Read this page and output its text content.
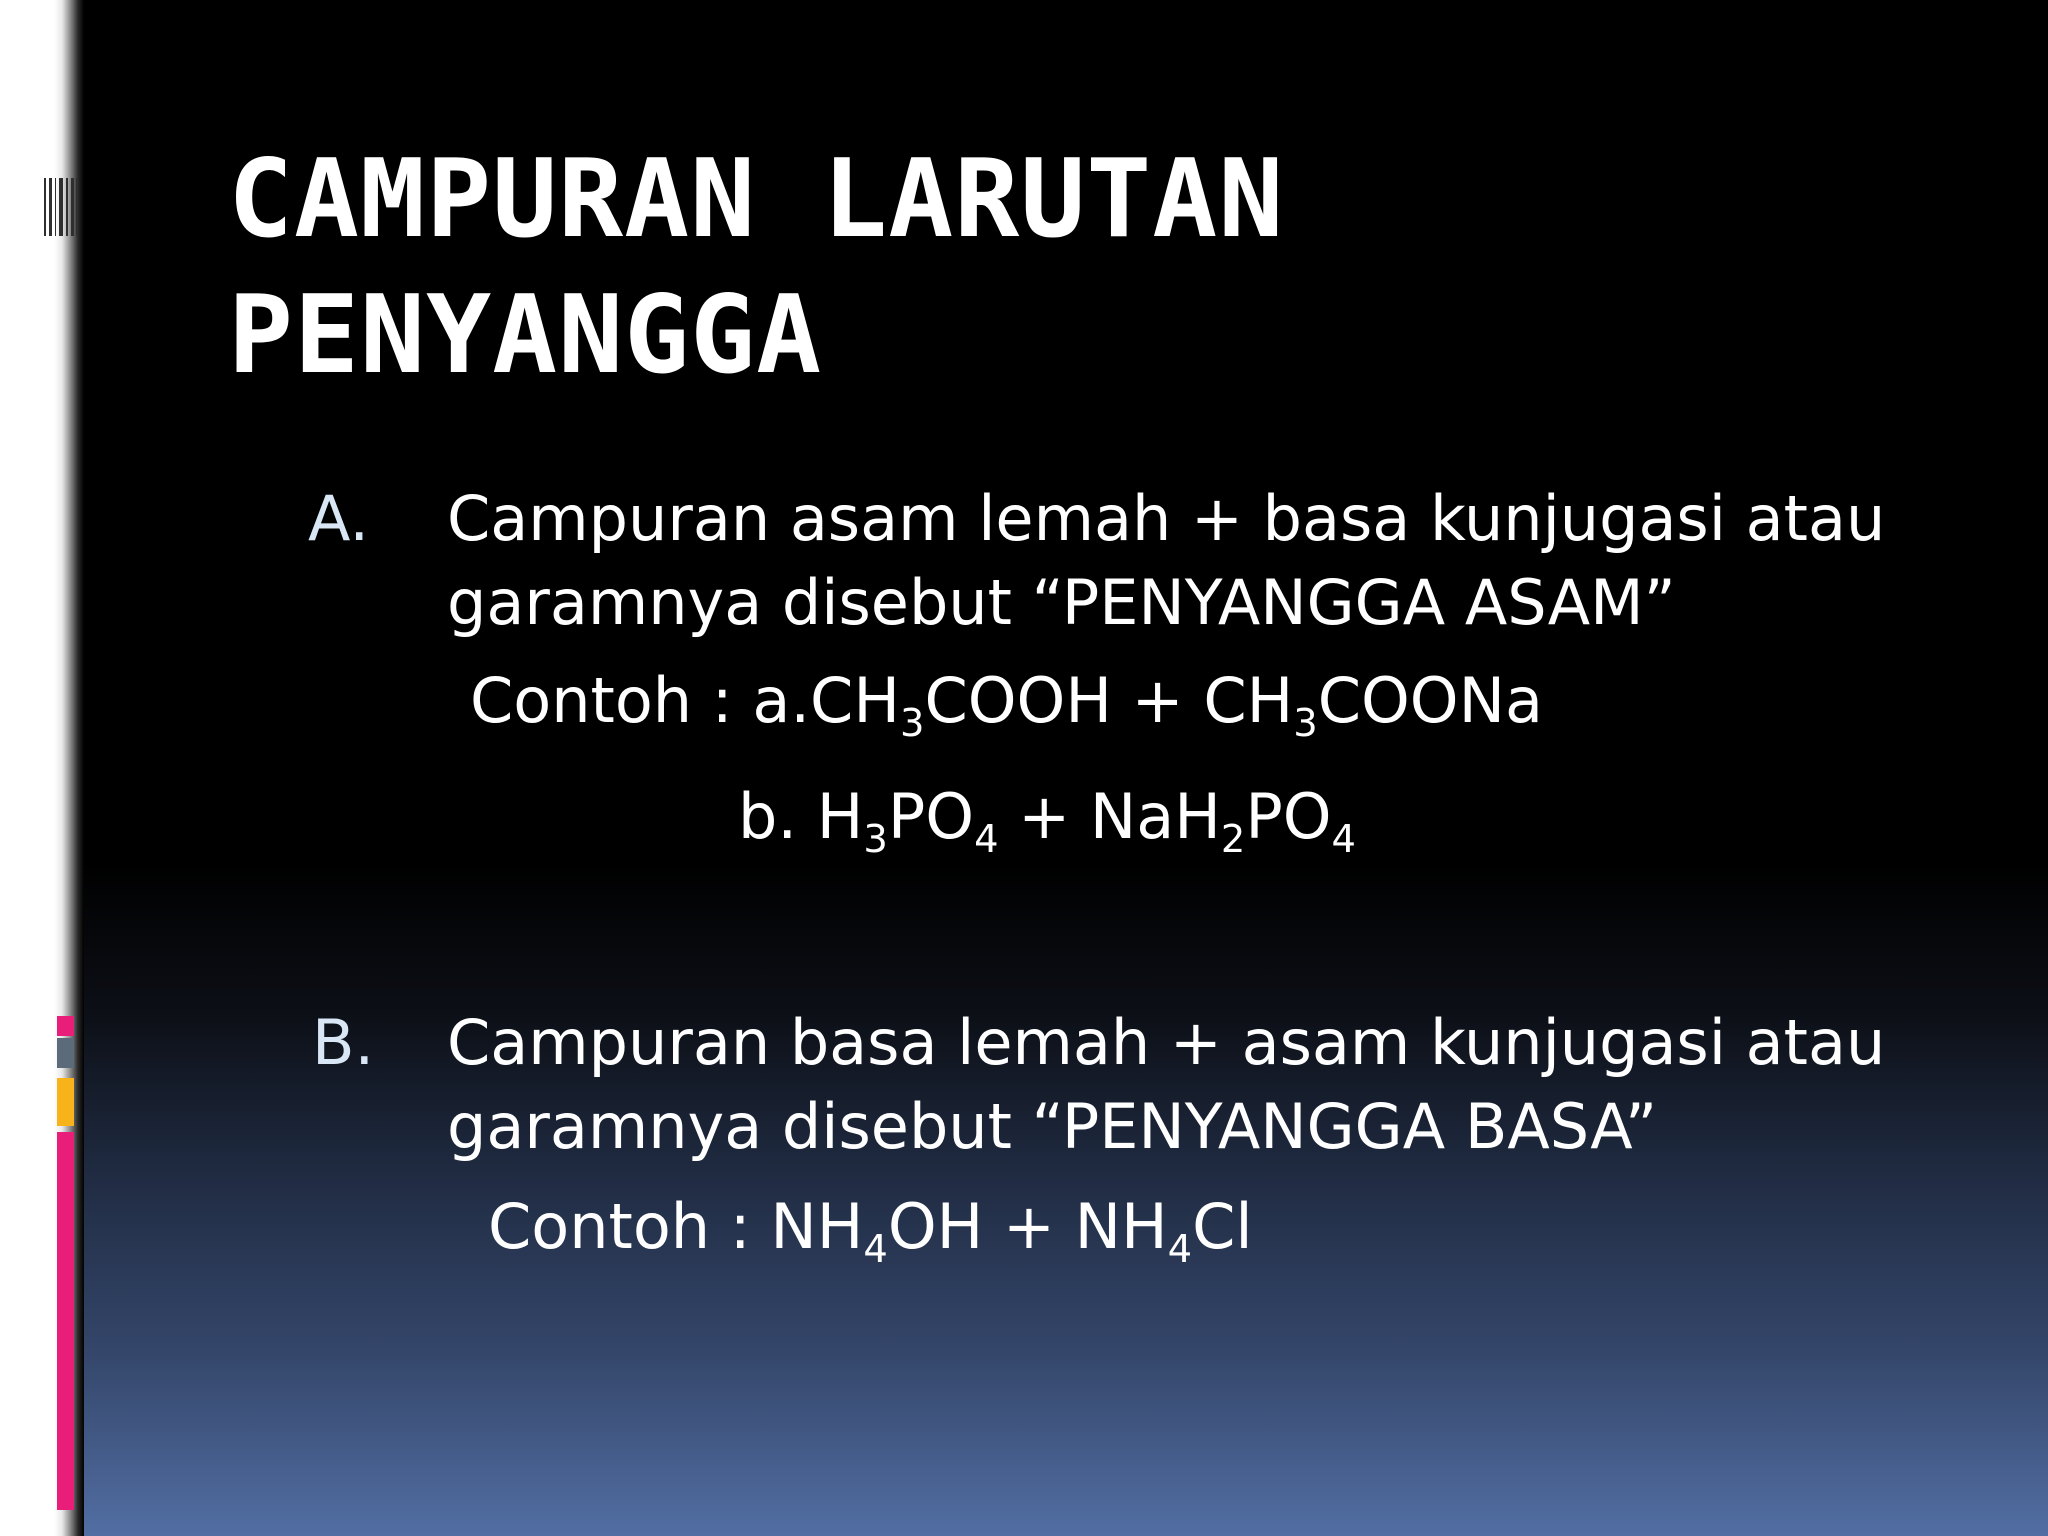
CAMPURAN LARUTAN
PENYANGGA
A. Campuran asam lemah + basa kunjugasi atau
garamnya disebut “PENYANGGA ASAM”
Contoh : $a.CH_3COOH$ + $CH_3COONa$
b. $H_3PO_4 + NaH_2PO_4$
B. Campuran basa lemah + asam kunjugasi atau
garamnya disebut “PENYANGGA BASA”
Contoh : $NH_4OH + NH_4Cl$
